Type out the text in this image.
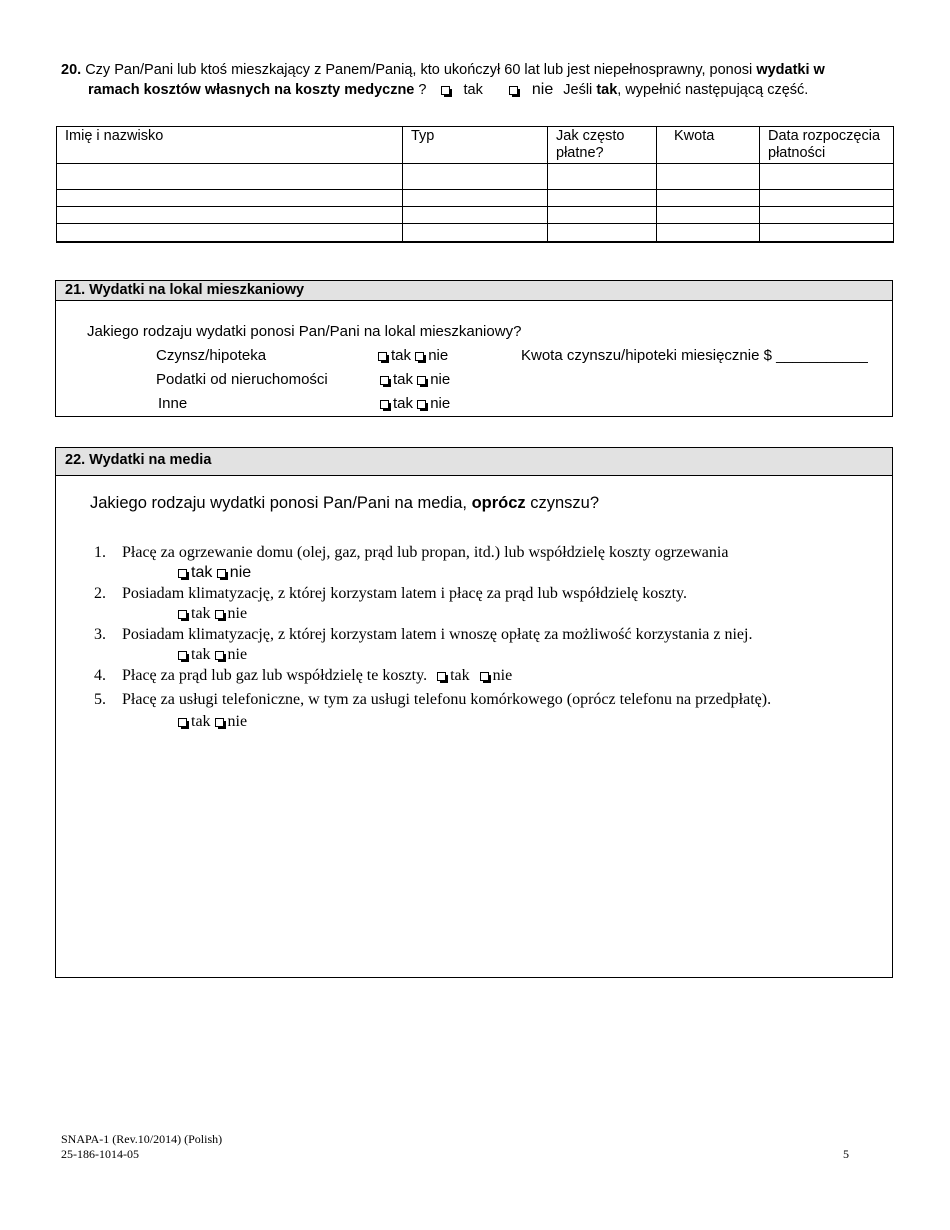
20. Czy Pan/Pani lub ktoś mieszkający z Panem/Panią, kto ukończył 60 lat lub jest niepełnosprawny, ponosi wydatki w
ramach kosztów własnych na koszty medyczne ?	tak	nie Jeśli tak, wypełnić następującą część.
Imię i nazwisko	Typ	Jak często płatne?	Kwota	Data rozpoczęcia płatności

21. Wydatki na lokal mieszkaniowy
Jakiego rodzaju wydatki ponosi Pan/Pani na lokal mieszkaniowy?
Czynsz/hipoteka	tak nie	Kwota czynszu/hipoteki miesięcznie $ ___________
Podatki od nieruchomości	tak nie
Inne	tak nie
22. Wydatki na media
Jakiego rodzaju wydatki ponosi Pan/Pani na media, oprócz czynszu?
1. Płacę za ogrzewanie domu (olej, gaz, prąd lub propan, itd.) lub współdzielę koszty ogrzewania
tak nie
2. Posiadam klimatyzację, z której korzystam latem i płacę za prąd lub współdzielę koszty.
tak nie
3. Posiadam klimatyzację, z której korzystam latem i wnoszę opłatę za możliwość korzystania z niej.
tak nie
4. Płacę za prąd lub gaz lub współdzielę te koszty. tak nie
5. Płacę za usługi telefoniczne, w tym za usługi telefonu komórkowego (oprócz telefonu na przedpłatę).
tak nie
SNAPA-1 (Rev.10/2014) (Polish)
25-186-1014-05	5
